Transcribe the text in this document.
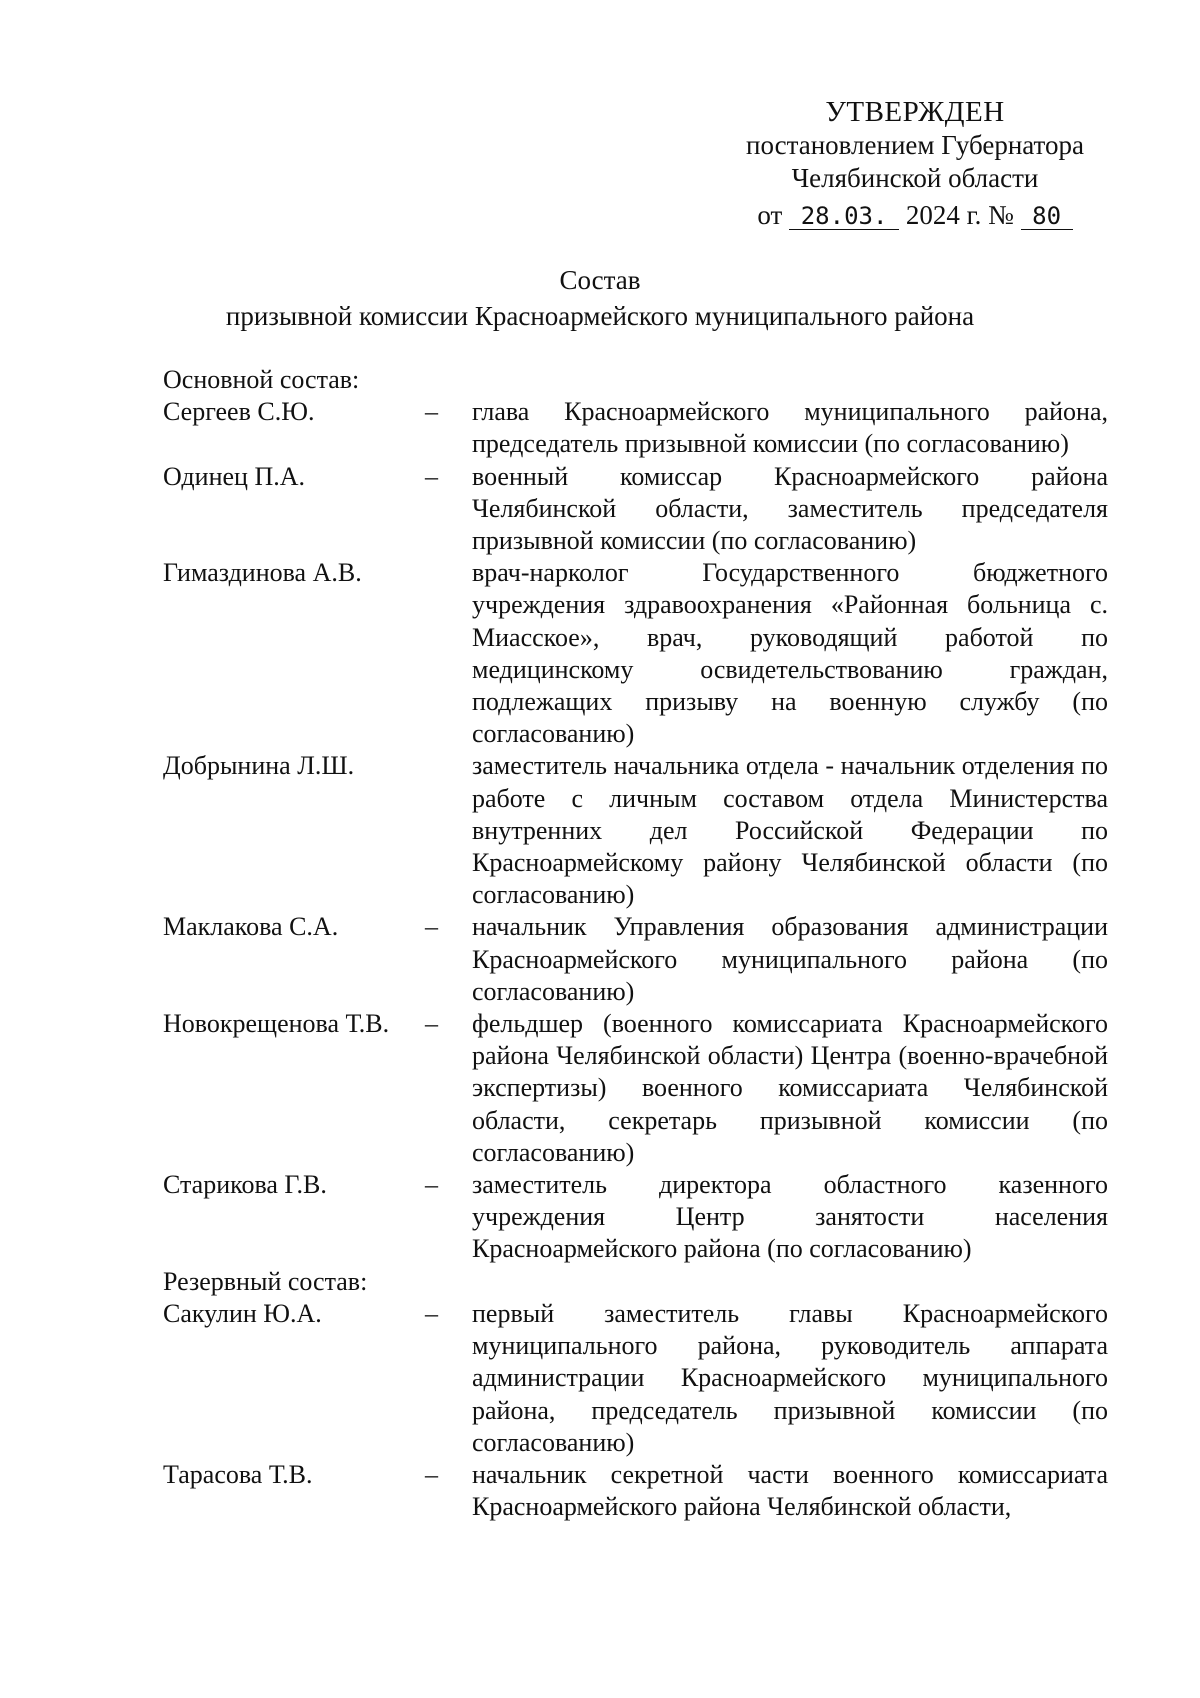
УТВЕРЖДЕН
постановлением Губернатора
Челябинской области
от 28.03. 2024 г. № 80
Состав
призывной комиссии Красноармейского муниципального района
Основной состав:
Сергеев С.Ю.	–	глава Красноармейского муниципального района, председатель призывной комиссии (по согласованию)
Одинец П.А.	–	военный комиссар Красноармейского района Челябинской области, заместитель председателя призывной комиссии (по согласованию)
Гимаздинова А.В.	врач-нарколог Государственного бюджетного учреждения здравоохранения «Районная больница с. Миасское», врач, руководящий работой по медицинскому освидетельствованию граждан, подлежащих призыву на военную службу (по согласованию)
Добрынина Л.Ш.	заместитель начальника отдела - начальник отделения по работе с личным составом отдела Министерства внутренних дел Российской Федерации по Красноармейскому району Челябинской области (по согласованию)
Маклакова С.А.	–	начальник Управления образования администрации Красноармейского муниципального района (по согласованию)
Новокрещенова Т.В.	–	фельдшер (военного комиссариата Красноармейского района Челябинской области) Центра (военно-врачебной экспертизы) военного комиссариата Челябинской области, секретарь призывной комиссии (по согласованию)
Старикова Г.В.	–	заместитель директора областного казенного учреждения Центр занятости населения Красноармейского района (по согласованию)
Резервный состав:
Сакулин Ю.А.	–	первый заместитель главы Красноармейского муниципального района, руководитель аппарата администрации Красноармейского муниципального района, председатель призывной комиссии (по согласованию)
Тарасова Т.В.	–	начальник секретной части военного комиссариата Красноармейского района Челябинской области,
